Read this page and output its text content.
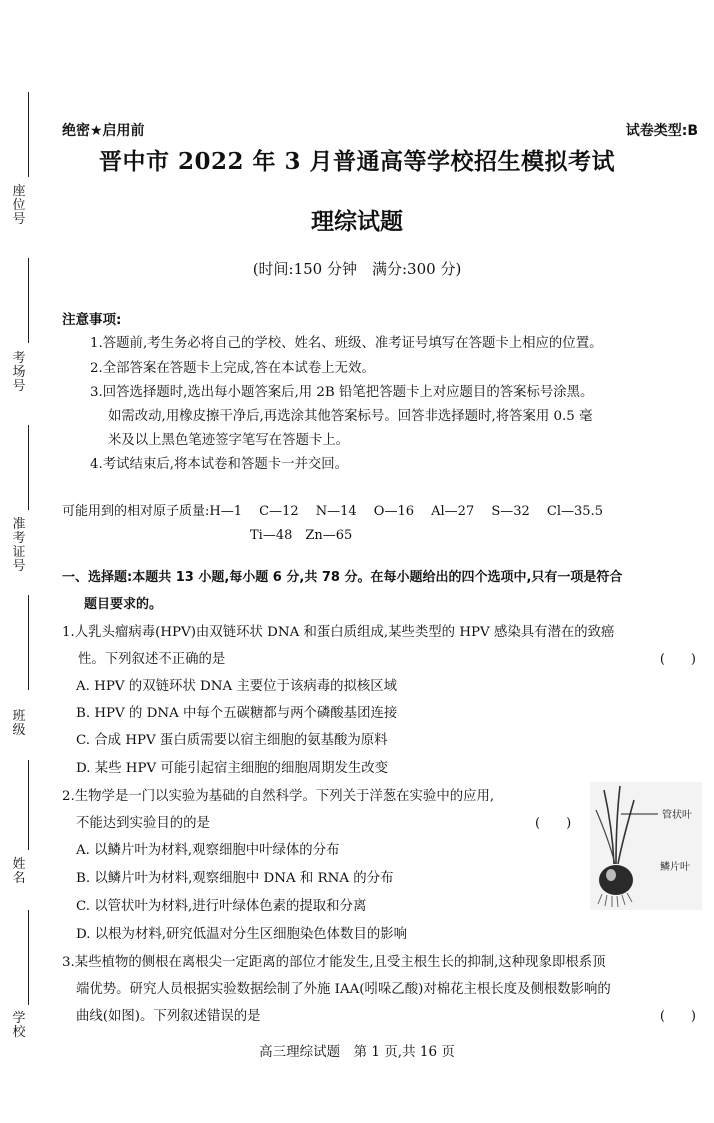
座
位
号
考
场
号
准
考
证
号
班
级
姓
名
学
校
绝密★启用前	试卷类型:B
晋中市 2022 年 3 月普通高等学校招生模拟考试
理综试题
(时间:150 分钟　满分:300 分)
注意事项:
1.答题前,考生务必将自己的学校、姓名、班级、准考证号填写在答题卡上相应的位置。
2.全部答案在答题卡上完成,答在本试卷上无效。
3.回答选择题时,选出每小题答案后,用 2B 铅笔把答题卡上对应题目的答案标号涂黑。
如需改动,用橡皮擦干净后,再选涂其他答案标号。回答非选择题时,将答案用 0.5 毫
米及以上黑色笔迹签字笔写在答题卡上。
4.考试结束后,将本试卷和答题卡一并交回。
可能用到的相对原子质量:H—1　 C—12　 N—14　 O—16　 Al—27　 S—32　 Cl—35.5
Ti—48　Zn—65
一、选择题:本题共 13 小题,每小题 6 分,共 78 分。在每小题给出的四个选项中,只有一项是符合
题目要求的。
1.人乳头瘤病毒(HPV)由双链环状 DNA 和蛋白质组成,某些类型的 HPV 感染具有潜在的致癌
性。下列叙述不正确的是	(　　)
A. HPV 的双链环状 DNA 主要位于该病毒的拟核区域
B. HPV 的 DNA 中每个五碳糖都与两个磷酸基团连接
C. 合成 HPV 蛋白质需要以宿主细胞的氨基酸为原料
D. 某些 HPV 可能引起宿主细胞的细胞周期发生改变
2.生物学是一门以实验为基础的自然科学。下列关于洋葱在实验中的应用,
不能达到实验目的的是	(　　)
A. 以鳞片叶为材料,观察细胞中叶绿体的分布
B. 以鳞片叶为材料,观察细胞中 DNA 和 RNA 的分布
C. 以管状叶为材料,进行叶绿体色素的提取和分离
D. 以根为材料,研究低温对分生区细胞染色体数目的影响
管状叶
鳞片叶
3.某些植物的侧根在离根尖一定距离的部位才能发生,且受主根生长的抑制,这种现象即根系顶
端优势。研究人员根据实验数据绘制了外施 IAA(吲哚乙酸)对棉花主根长度及侧根数影响的
曲线(如图)。下列叙述错误的是	(　　)
高三理综试题　第 1 页,共 16 页
